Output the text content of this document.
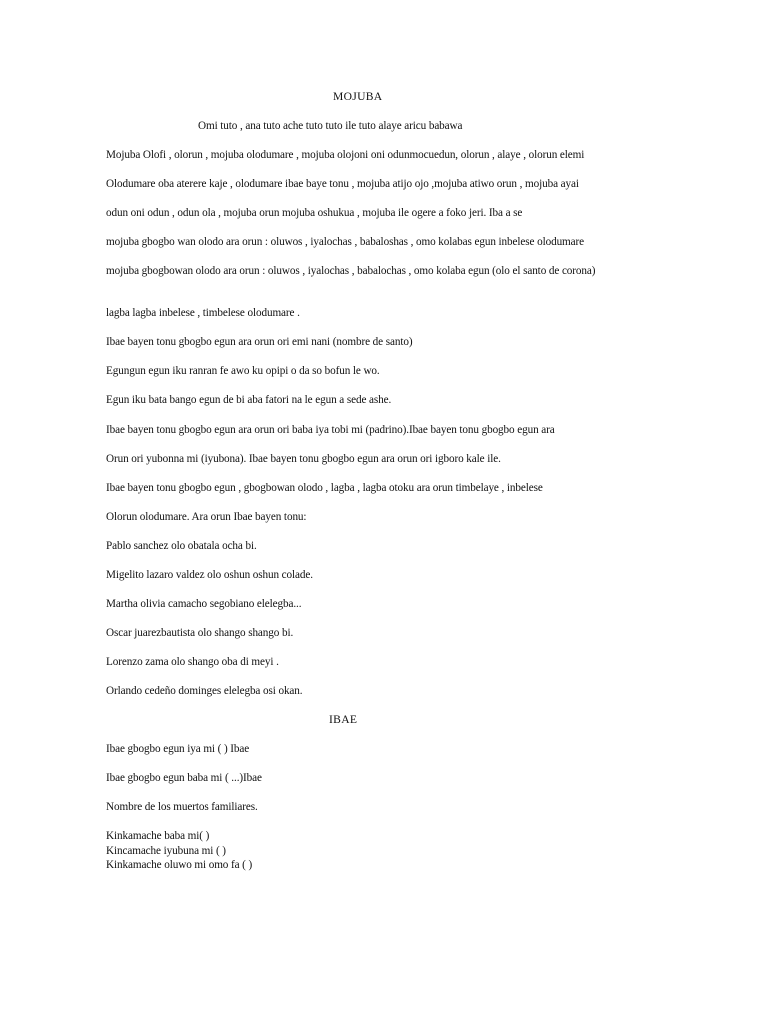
MOJUBA
Omi tuto , ana tuto ache tuto tuto ile tuto alaye aricu babawa
Mojuba Olofi , olorun , mojuba olodumare , mojuba olojoni oni odunmocuedun, olorun , alaye , olorun elemi
Olodumare oba aterere kaje , olodumare ibae baye tonu , mojuba atijo ojo ,mojuba atiwo orun , mojuba ayai
odun oni odun , odun ola , mojuba orun mojuba oshukua , mojuba ile ogere a foko jeri. Iba a se
mojuba gbogbo wan olodo ara orun : oluwos , iyalochas , babaloshas , omo kolabas egun inbelese olodumare
mojuba gbogbowan olodo ara orun : oluwos , iyalochas , babalochas , omo kolaba egun (olo el santo de corona)
lagba lagba inbelese , timbelese olodumare .
Ibae bayen tonu gbogbo egun ara orun ori emi nani (nombre de santo)
Egungun egun iku ranran fe awo ku opipi o da so bofun le wo.
Egun iku bata bango egun de bi aba fatori na le egun a sede ashe.
Ibae bayen tonu gbogbo egun ara orun ori baba iya tobi mi (padrino).Ibae bayen tonu gbogbo egun ara
Orun ori yubonna mi (iyubona). Ibae bayen tonu gbogbo egun ara orun ori igboro kale ile.
Ibae bayen tonu gbogbo egun , gbogbowan olodo , lagba , lagba otoku ara orun timbelaye , inbelese
Olorun olodumare. Ara orun Ibae bayen tonu:
Pablo sanchez olo obatala ocha bi.
Migelito lazaro valdez olo oshun oshun colade.
Martha olivia camacho segobiano elelegba...
Oscar juarezbautista olo shango shango bi.
Lorenzo zama olo shango oba di meyi .
Orlando cedeño dominges elelegba osi okan.
IBAE
Ibae gbogbo egun iya mi ( ) Ibae
Ibae gbogbo egun baba mi ( ...)Ibae
Nombre de los muertos familiares.
Kinkamache baba mi( )
Kincamache iyubuna mi ( )
Kinkamache oluwo mi omo fa ( )
